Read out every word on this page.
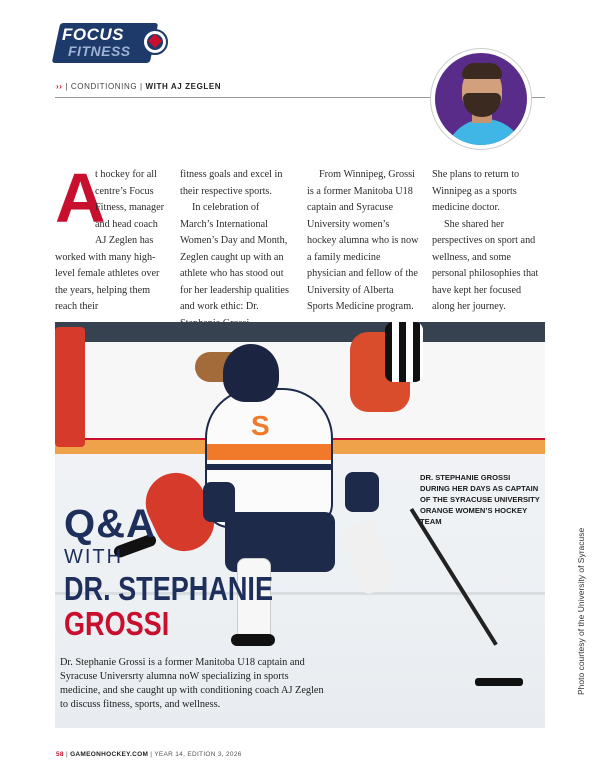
FOCUS
FITNESS
›› | CONDITIONING | WITH AJ ZEGLEN
A

t hockey for all centre’s Focus Fitness, manager and head coach AJ Zeglen has worked with many high-level female athletes over the years, helping them reach their

fitness goals and excel in their respective sports.

In celebration of March’s International Women’s Day and Month, Zeglen caught up with an athlete who has stood out for her leadership qualities and work ethic: Dr.

From Winnipeg, Grossi is a former Manitoba U18 captain and Syracuse University women’s hockey alumna who is now a family medicine physician and fellow of the University of Alberta Sports Medicine program.

She plans to return to Winnipeg as a sports medicine doctor.

She shared her perspectives on sport and wellness, and some personal philosophies that have kept her focused along her journey.

S
DR. STEPHANIE GROSSI DURING HER DAYS AS CAPTAIN OF THE SYRACUSE UNIVERSITY ORANGE WOMEN’S HOCKEY TEAM
Q&A
WITH
DR. STEPHANIE
GROSSI
Dr. Stephanie Grossi is a former Manitoba U18 captain and Syracuse Universrty alumna noW specializing in sports medicine, and she caught up with conditioning coach AJ Zeglen to discuss fitness, sports, and wellness.
Photo courtesy of the University of Syracuse
58 | GAMEONHOCKEY.COM | YEAR 14, EDITION 3, 2026
